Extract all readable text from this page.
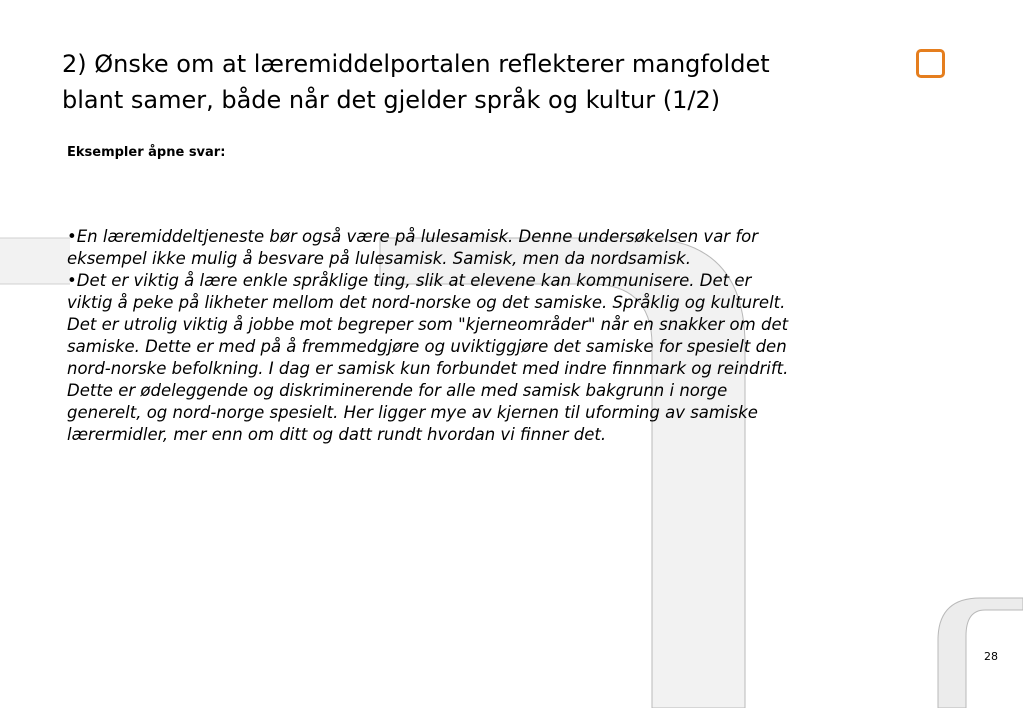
2) Ønske om at læremiddelportalen reflekterer mangfoldet
blant samer, både når det gjelder språk og kultur (1/2)

Eksempler åpne svar:

•En læremiddeltjeneste bør også være på lulesamisk. Denne undersøkelsen var for
eksempel ikke mulig å besvare på lulesamisk. Samisk, men da nordsamisk.
•Det er viktig å lære enkle språklige ting, slik at elevene kan kommunisere. Det er
viktig å peke på likheter mellom det nord-norske og det samiske. Språklig og kulturelt.
Det er utrolig viktig å jobbe mot begreper som "kjerneområder" når en snakker om det
samiske. Dette er med på å fremmedgjøre og uviktiggjøre det samiske for spesielt den
nord-norske befolkning. I dag er samisk kun forbundet med indre finnmark og reindrift.
Dette er ødeleggende og diskriminerende for alle med samisk bakgrunn i norge
generelt, og nord-norge spesielt. Her ligger mye av kjernen til uforming av samiske
lærermidler, mer enn om ditt og datt rundt hvordan vi finner det.
28
